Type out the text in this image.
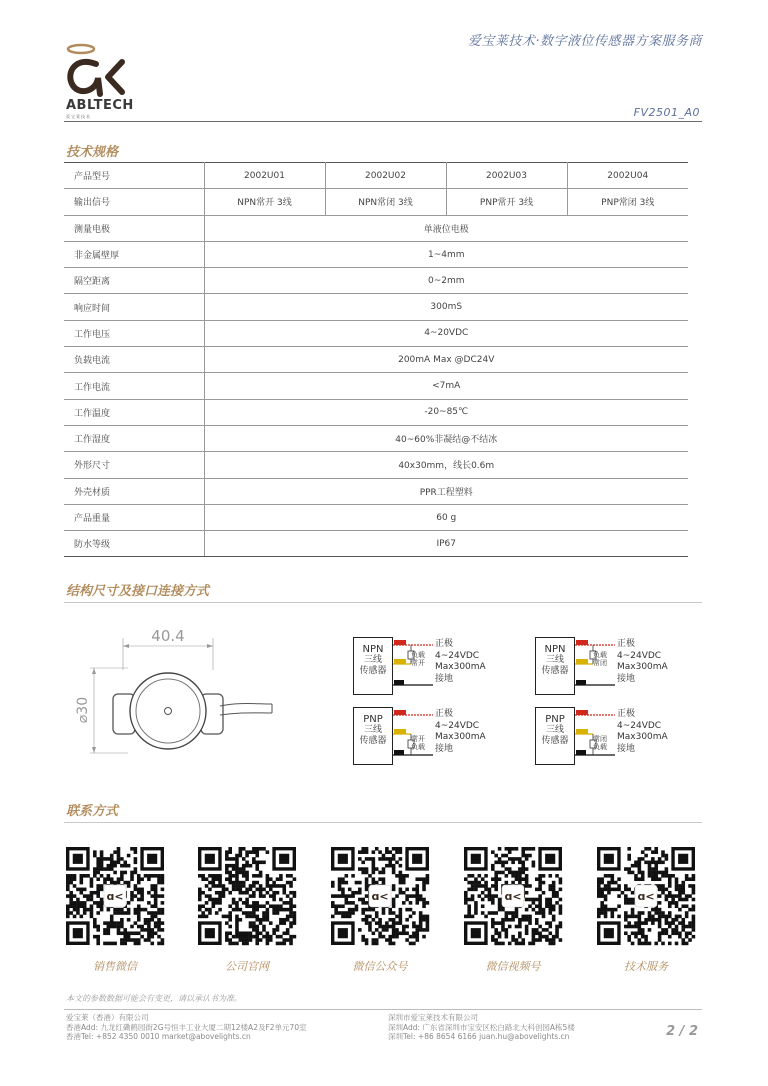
爱宝莱技术·数字液位传感器方案服务商
ABLTECH
爱宝莱技术	FV2501_A0
技术规格
产品型号	2002U01	2002U02	2002U03	2002U04
输出信号	NPN常开 3线	NPN常闭 3线	PNP常开 3线	PNP常闭 3线
测量电极	单液位电极			
非金属壁厚	1~4mm			
隔空距离	0~2mm			
响应时间	300mS			
工作电压	4~20VDC			
负载电流	200mA Max @DC24V			
工作电流	<7mA			
工作温度	-20~85℃			
工作湿度	40~60%非凝结@不结冰			
外形尺寸	40x30mm，线长0.6m			
外壳材质	PPR工程塑料			
产品重量	60 g			
防水等级	IP67			
结构尺寸及接口连接方式
40.4
⌀30
NPN
三线
传感器
负载
常开
正极
4~24VDC
Max300mA
接地
NPN
三线
传感器
负载
常闭
正极
4~24VDC
Max300mA
接地
PNP
三线
传感器	常开
负载
正极
4~24VDC
Max300mA
接地
PNP
三线
传感器	常闭
负载
正极
4~24VDC
Max300mA
接地
联系方式
ɑ<
销售微信	公司官网
ɑ<
微信公众号
ɑ<
微信视频号
ɑ<
技术服务
本文的参数数据可能会有变更，请以承认书为准。
爱宝莱（香港）有限公司
香港Add: 九龙红磡鹤园街2G号恒丰工业大厦二期12楼A2及F2单元70室
香港Tel: +852 4350 0010 market@abovelights.cn
深圳市爱宝莱技术有限公司
深圳Add: 广东省深圳市宝安区松白路北大科创园A栋5楼
深圳Tel: +86 8654 6166 juan.hu@abovelights.cn	2 / 2
